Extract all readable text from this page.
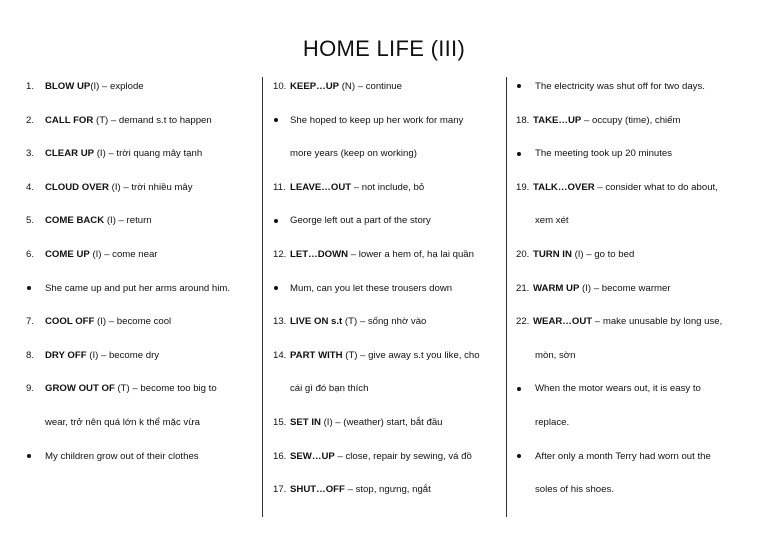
HOME LIFE (III)
1. BLOW UP(I) – explode
2. CALL FOR (T) – demand s.t to happen
3. CLEAR UP (I) – trời quang mây tạnh
4. CLOUD OVER (I) – trời nhiều mây
5. COME BACK (I) – return
6. COME UP (I) – come near
She came up and put her arms around him.
7. COOL OFF (I) – become cool
8. DRY OFF (I) – become dry
9. GROW OUT OF (T) – become too big to
wear, trở nên quá lớn k thể mặc vừa
My children grow out of their clothes
10. KEEP…UP (N) – continue
She hoped to keep up her work for many
more years (keep on working)
11. LEAVE…OUT – not include, bỏ
George left out a part of the story
12. LET…DOWN – lower a hem of, hạ lai quần
Mum, can you let these trousers down
13. LIVE ON s.t (T) – sống nhờ vào
14. PART WITH (T) – give away s.t you like, cho
cái gì đó bạn thích
15. SET IN (I) – (weather) start, bắt đầu
16. SEW…UP – close, repair by sewing, vá đồ
17. SHUT…OFF – stop, ngưng, ngắt
The electricity was shut off for two days.
18. TAKE…UP – occupy (time), chiếm
The meeting took up 20 minutes
19. TALK…OVER – consider what to do about,
xem xét
20. TURN IN (I) – go to bed
21. WARM UP (I) – become warmer
22. WEAR…OUT – make unusable by long use,
mòn, sờn
When the motor wears out, it is easy to
replace.
After only a month Terry had worn out the
soles of his shoes.
